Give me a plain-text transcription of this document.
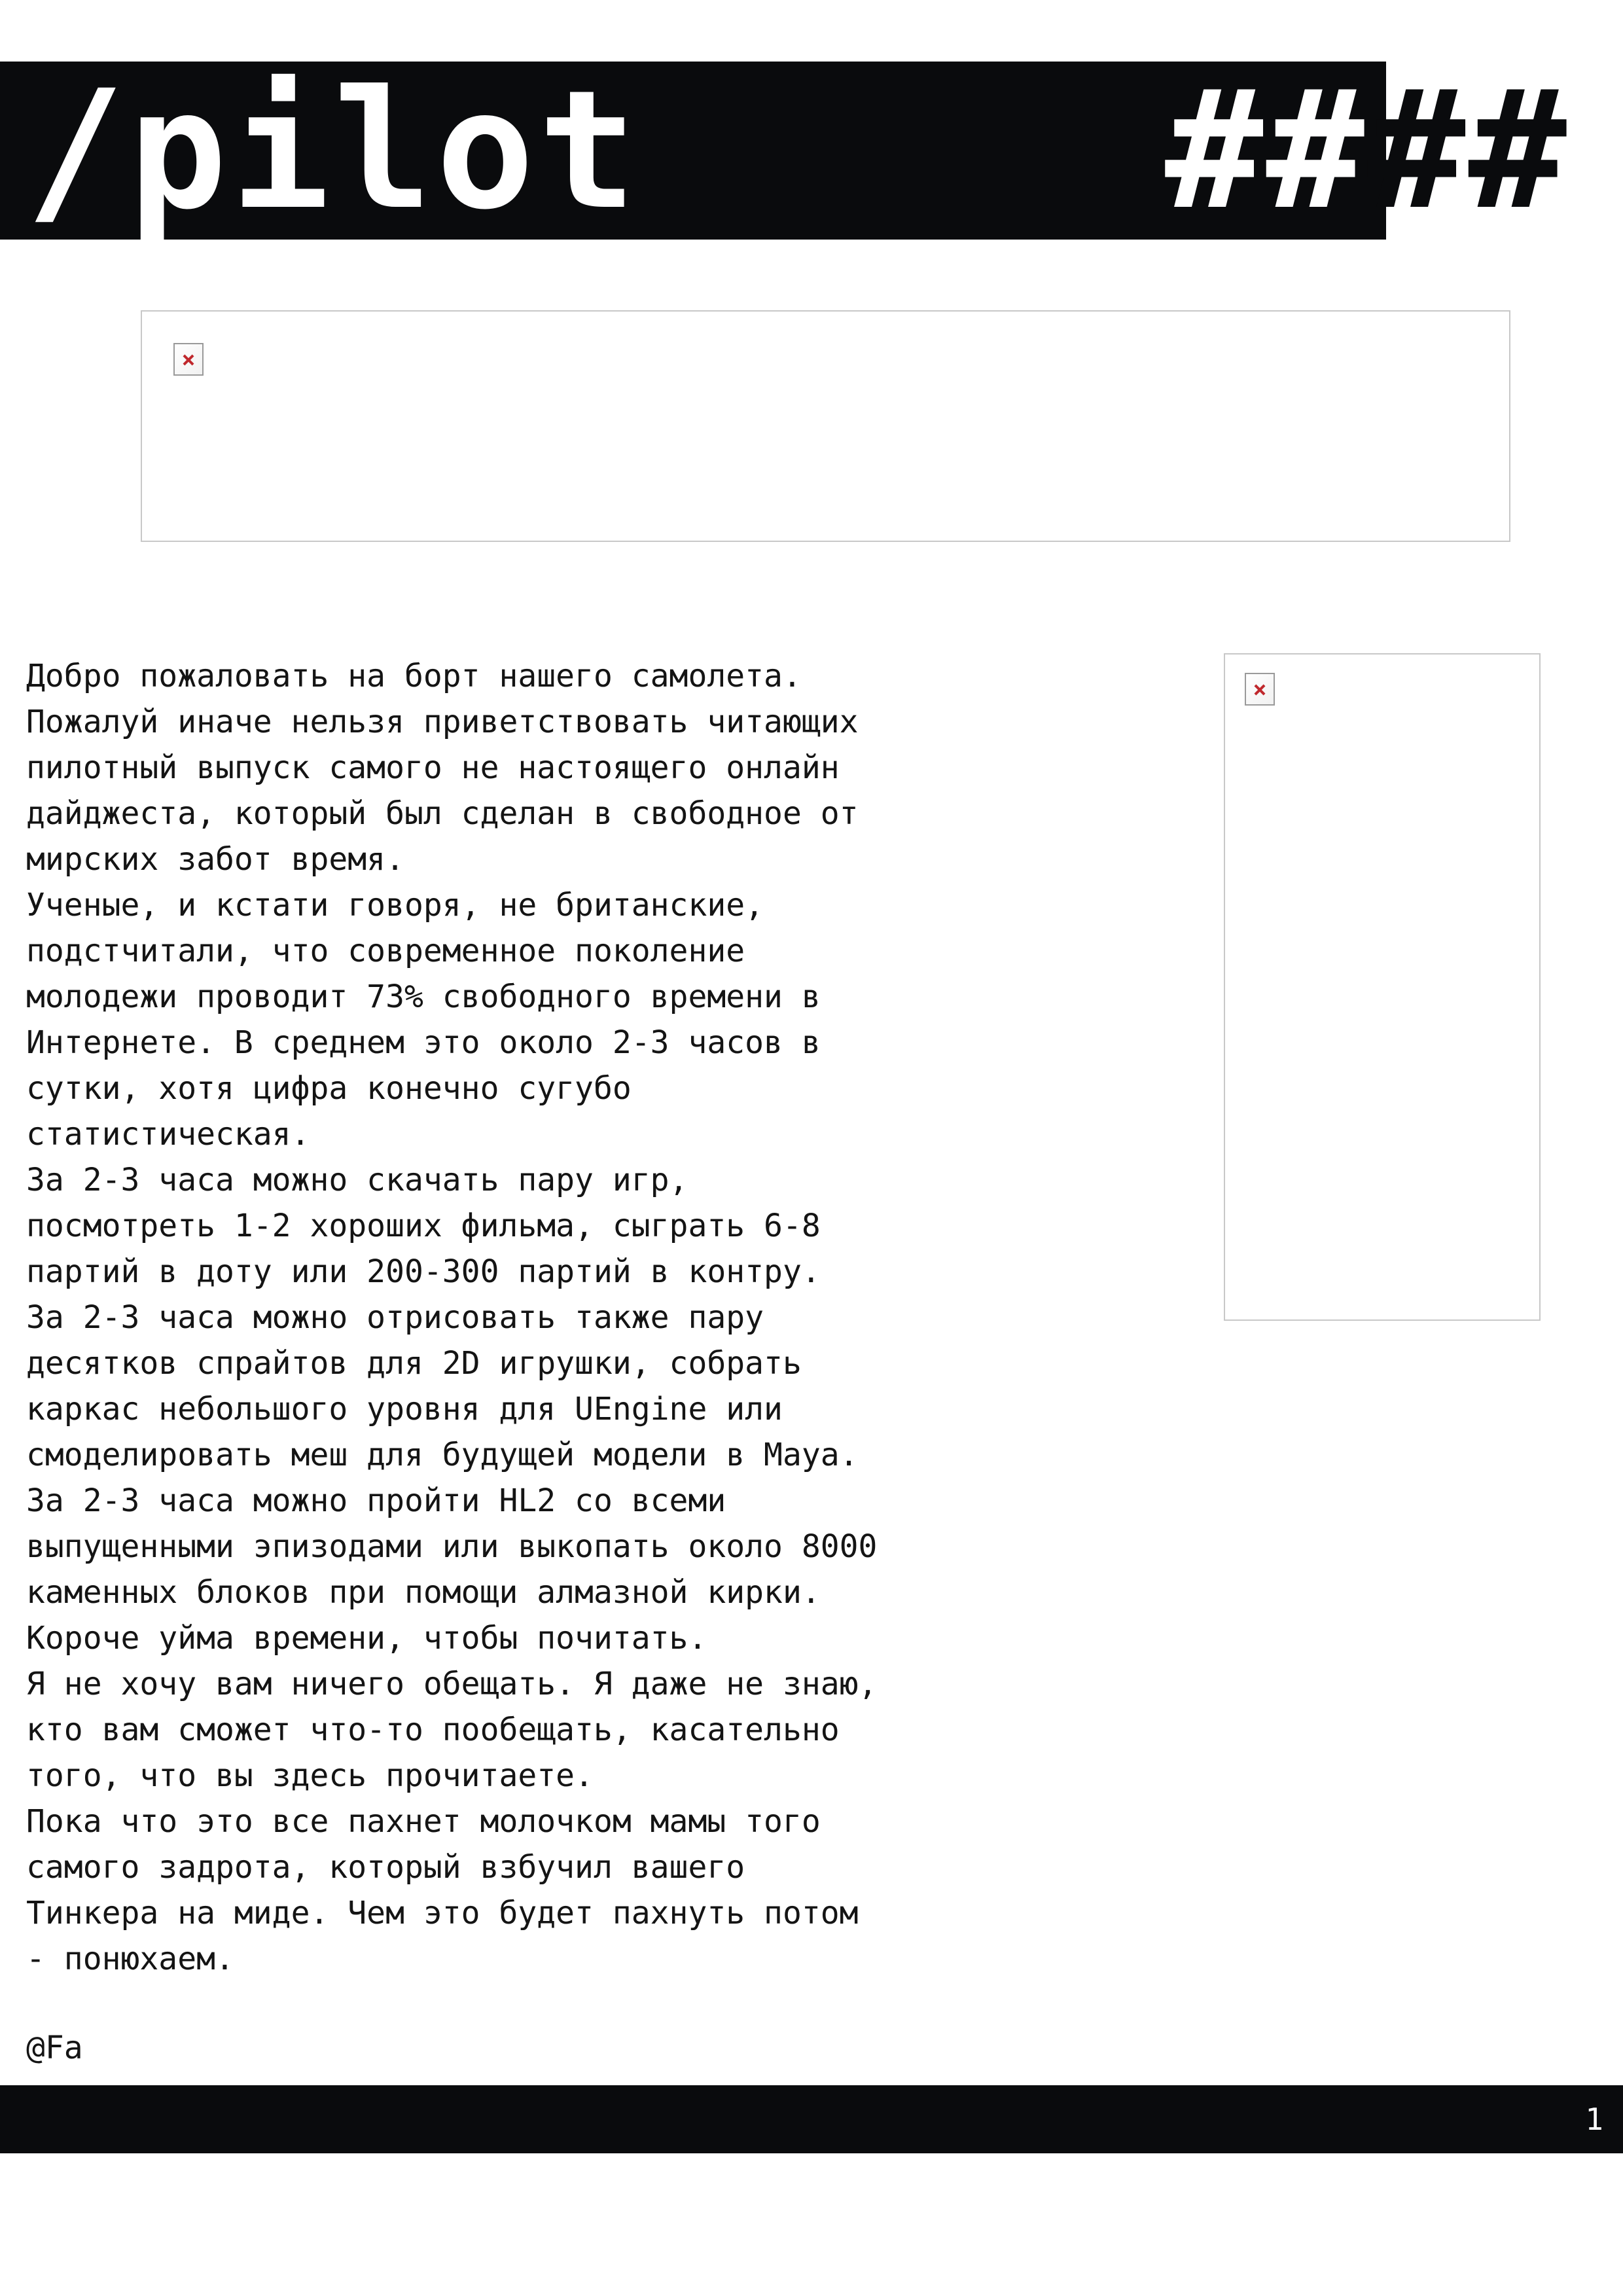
/pilot	####

Добро пожаловать на борт нашего самолета.

Пожалуй иначе нельзя приветствовать читающих

пилотный выпуск самого не настоящего онлайн

дайджеста, который был сделан в свободное от

мирских забот время.

Ученые, и кстати говоря, не британские,

подстчитали, что современное поколение

молодежи проводит 73% свободного времени в

Интернете. В среднем это около 2-3 часов в

сутки, хотя цифра конечно сугубо

статистическая.

За 2-3 часа можно скачать пару игр,

посмотреть 1-2 хороших фильма, сыграть 6-8

партий в доту или 200-300 партий в контру.

За 2-3 часа можно отрисовать также пару

десятков спрайтов для 2D игрушки, собрать

каркас небольшого уровня для UEngine или

смоделировать меш для будущей модели в Maya.

За 2-3 часа можно пройти HL2 со всеми

выпущенными эпизодами или выкопать около 8000

каменных блоков при помощи алмазной кирки.

Короче уйма времени, чтобы почитать.

Я не хочу вам ничего обещать. Я даже не знаю,

кто вам сможет что-то пообещать, касательно

того, что вы здесь прочитаете.

Пока что это все пахнет молочком мамы того

самого задрота, который взбучил вашего

Тинкера на миде. Чем это будет пахнуть потом

- понюхаем.

@Fa
1
